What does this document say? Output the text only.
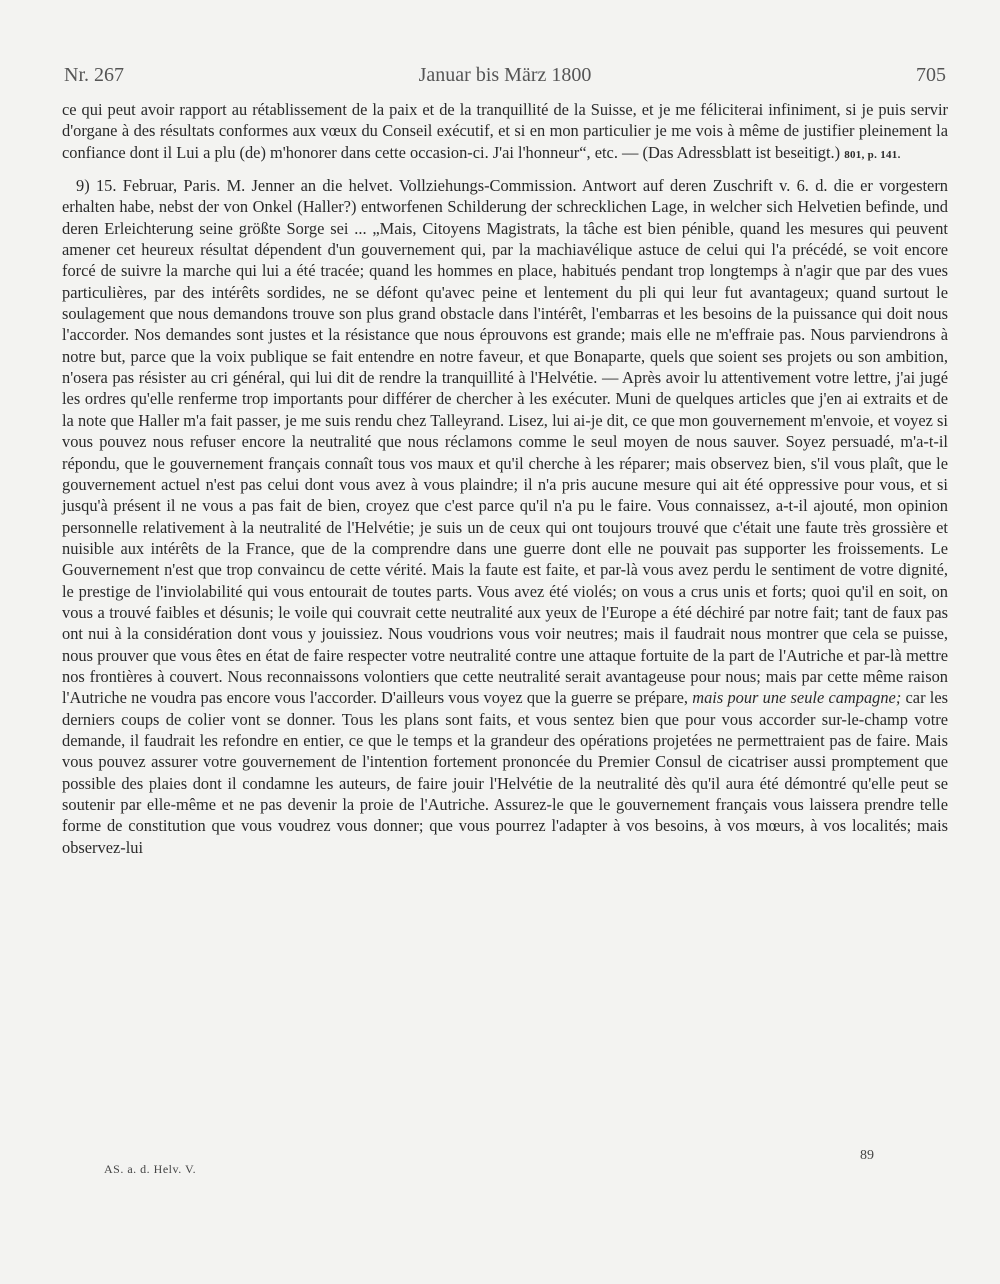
Nr. 267	Januar bis März 1800	705

ce qui peut avoir rapport au rétablissement de la paix et de la tranquillité de la Suisse, et je me féliciterai infiniment, si je puis servir d'organe à des résultats conformes aux vœux du Conseil exécutif, et si en mon particulier je me vois à même de justifier pleinement la confiance dont il Lui a plu (de) m'honorer dans cette occasion-ci. J'ai l'honneur“, etc. — (Das Adressblatt ist beseitigt.) 801, p. 141.

9) 15. Februar, Paris. M. Jenner an die helvet. Vollziehungs-Commission. Antwort auf deren Zuschrift v. 6. d. die er vorgestern erhalten habe, nebst der von Onkel (Haller?) entworfenen Schilderung der schrecklichen Lage, in welcher sich Helvetien befinde, und deren Erleichterung seine größte Sorge sei ... „Mais, Citoyens Magistrats, la tâche est bien pénible, quand les mesures qui peuvent amener cet heureux résultat dépendent d'un gouvernement qui, par la machiavélique astuce de celui qui l'a précédé, se voit encore forcé de suivre la marche qui lui a été tracée; quand les hommes en place, habitués pendant trop longtemps à n'agir que par des vues particulières, par des intérêts sordides, ne se défont qu'avec peine et lentement du pli qui leur fut avantageux; quand surtout le soulagement que nous demandons trouve son plus grand obstacle dans l'intérêt, l'embarras et les besoins de la puissance qui doit nous l'accorder. Nos demandes sont justes et la résistance que nous éprouvons est grande; mais elle ne m'effraie pas. Nous parviendrons à notre but, parce que la voix publique se fait entendre en notre faveur, et que Bonaparte, quels que soient ses projets ou son ambition, n'osera pas résister au cri général, qui lui dit de rendre la tranquillité à l'Helvétie. — Après avoir lu attentivement votre lettre, j'ai jugé les ordres qu'elle renferme trop importants pour différer de chercher à les exécuter. Muni de quelques articles que j'en ai extraits et de la note que Haller m'a fait passer, je me suis rendu chez Talleyrand. Lisez, lui ai-je dit, ce que mon gouvernement m'envoie, et voyez si vous pouvez nous refuser encore la neutralité que nous réclamons comme le seul moyen de nous sauver. Soyez persuadé, m'a-t-il répondu, que le gouvernement français connaît tous vos maux et qu'il cherche à les réparer; mais observez bien, s'il vous plaît, que le gouvernement actuel n'est pas celui dont vous avez à vous plaindre; il n'a pris aucune mesure qui ait été oppressive pour vous, et si jusqu'à présent il ne vous a pas fait de bien, croyez que c'est parce qu'il n'a pu le faire. Vous connaissez, a-t-il ajouté, mon opinion personnelle relativement à la neutralité de l'Helvétie; je suis un de ceux qui ont toujours trouvé que c'était une faute très grossière et nuisible aux intérêts de la France, que de la comprendre dans une guerre dont elle ne pouvait pas supporter les froissements. Le Gouvernement n'est que trop convaincu de cette vérité. Mais la faute est faite, et par-là vous avez perdu le sentiment de votre dignité, le prestige de l'inviolabilité qui vous entourait de toutes parts. Vous avez été violés; on vous a crus unis et forts; quoi qu'il en soit, on vous a trouvé faibles et désunis; le voile qui couvrait cette neutralité aux yeux de l'Europe a été déchiré par notre fait; tant de faux pas ont nui à la considération dont vous y jouissiez. Nous voudrions vous voir neutres; mais il faudrait nous montrer que cela se puisse, nous prouver que vous êtes en état de faire respecter votre neutralité contre une attaque fortuite de la part de l'Autriche et par-là mettre nos frontières à couvert. Nous reconnaissons volontiers que cette neutralité serait avantageuse pour nous; mais par cette même raison l'Autriche ne voudra pas encore vous l'accorder. D'ailleurs vous voyez que la guerre se prépare, mais pour une seule campagne; car les derniers coups de colier vont se donner. Tous les plans sont faits, et vous sentez bien que pour vous accorder sur-le-champ votre demande, il faudrait les refondre en entier, ce que le temps et la grandeur des opérations projetées ne permettraient pas de faire. Mais vous pouvez assurer votre gouvernement de l'intention fortement prononcée du Premier Consul de cicatriser aussi promptement que possible des plaies dont il condamne les auteurs, de faire jouir l'Helvétie de la neutralité dès qu'il aura été démontré qu'elle peut se soutenir par elle-même et ne pas devenir la proie de l'Autriche. Assurez-le que le gouvernement français vous laissera prendre telle forme de constitution que vous voudrez vous donner; que vous pourrez l'adapter à vos besoins, à vos mœurs, à vos localités; mais observez-lui

AS. a. d. Helv. V.
89
